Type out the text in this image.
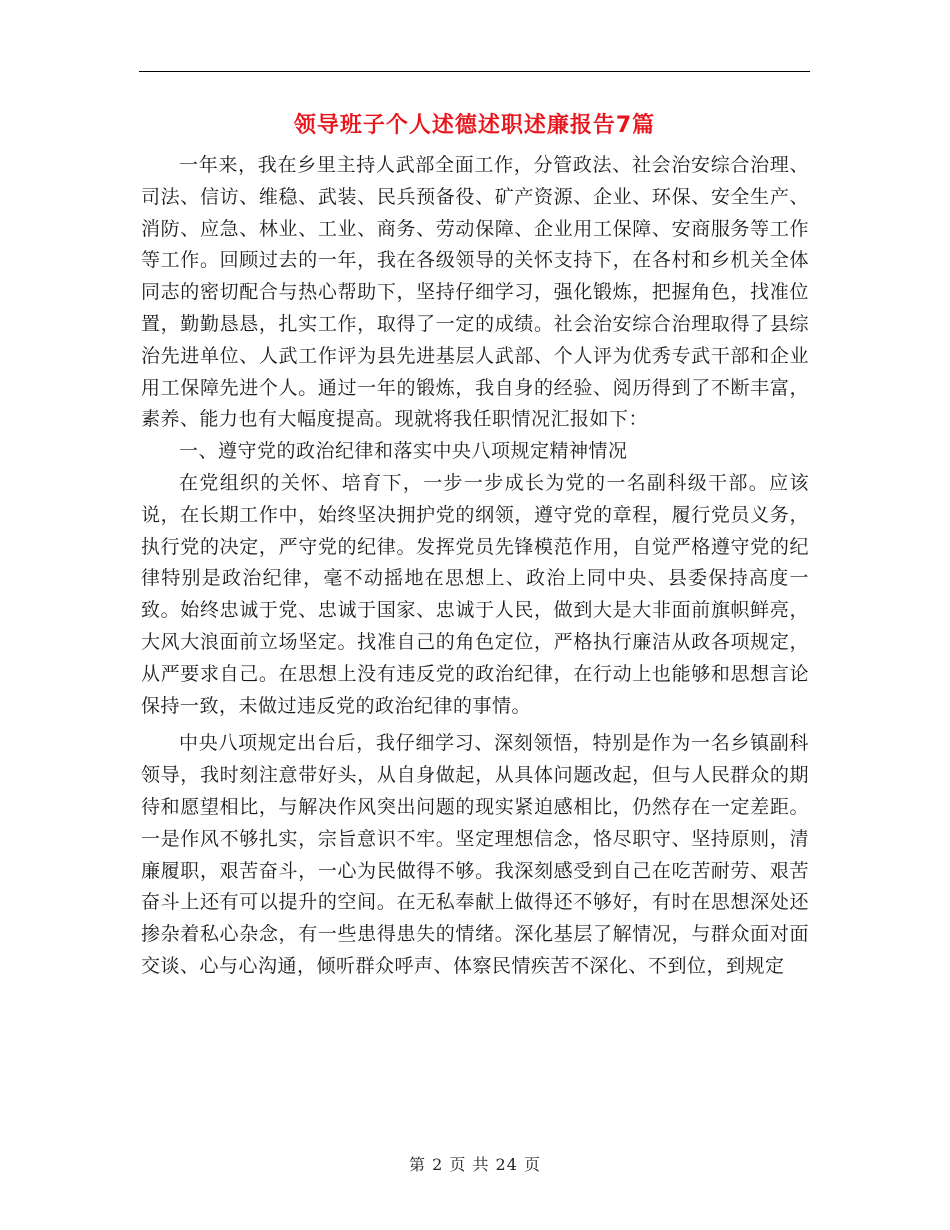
领导班子个人述德述职述廉报告7篇

一年来，我在乡里主持人武部全面工作，分管政法、社会治安综合治理、司法、信访、维稳、武装、民兵预备役、矿产资源、企业、环保、安全生产、消防、应急、林业、工业、商务、劳动保障、企业用工保障、安商服务等工作等工作。回顾过去的一年，我在各级领导的关怀支持下，在各村和乡机关全体同志的密切配合与热心帮助下，坚持仔细学习，强化锻炼，把握角色，找准位置，勤勤恳恳，扎实工作，取得了一定的成绩。社会治安综合治理取得了县综治先进单位、人武工作评为县先进基层人武部、个人评为优秀专武干部和企业用工保障先进个人。通过一年的锻炼，我自身的经验、阅历得到了不断丰富，素养、能力也有大幅度提高。现就将我任职情况汇报如下：

一、遵守党的政治纪律和落实中央八项规定精神情况

在党组织的关怀、培育下，一步一步成长为党的一名副科级干部。应该说，在长期工作中，始终坚决拥护党的纲领，遵守党的章程，履行党员义务，执行党的决定，严守党的纪律。发挥党员先锋模范作用，自觉严格遵守党的纪律特别是政治纪律，毫不动摇地在思想上、政治上同中央、县委保持高度一致。始终忠诚于党、忠诚于国家、忠诚于人民，做到大是大非面前旗帜鲜亮，大风大浪面前立场坚定。找准自己的角色定位，严格执行廉洁从政各项规定，从严要求自己。在思想上没有违反党的政治纪律，在行动上也能够和思想言论保持一致，未做过违反党的政治纪律的事情。

中央八项规定出台后，我仔细学习、深刻领悟，特别是作为一名乡镇副科领导，我时刻注意带好头，从自身做起，从具体问题改起，但与人民群众的期待和愿望相比，与解决作风突出问题的现实紧迫感相比，仍然存在一定差距。一是作风不够扎实，宗旨意识不牢。坚定理想信念，恪尽职守、坚持原则，清廉履职，艰苦奋斗，一心为民做得不够。我深刻感受到自己在吃苦耐劳、艰苦奋斗上还有可以提升的空间。在无私奉献上做得还不够好，有时在思想深处还掺杂着私心杂念，有一些患得患失的情绪。深化基层了解情况，与群众面对面交谈、心与心沟通，倾听群众呼声、体察民情疾苦不深化、不到位，到规定

第 2 页 共 24 页
